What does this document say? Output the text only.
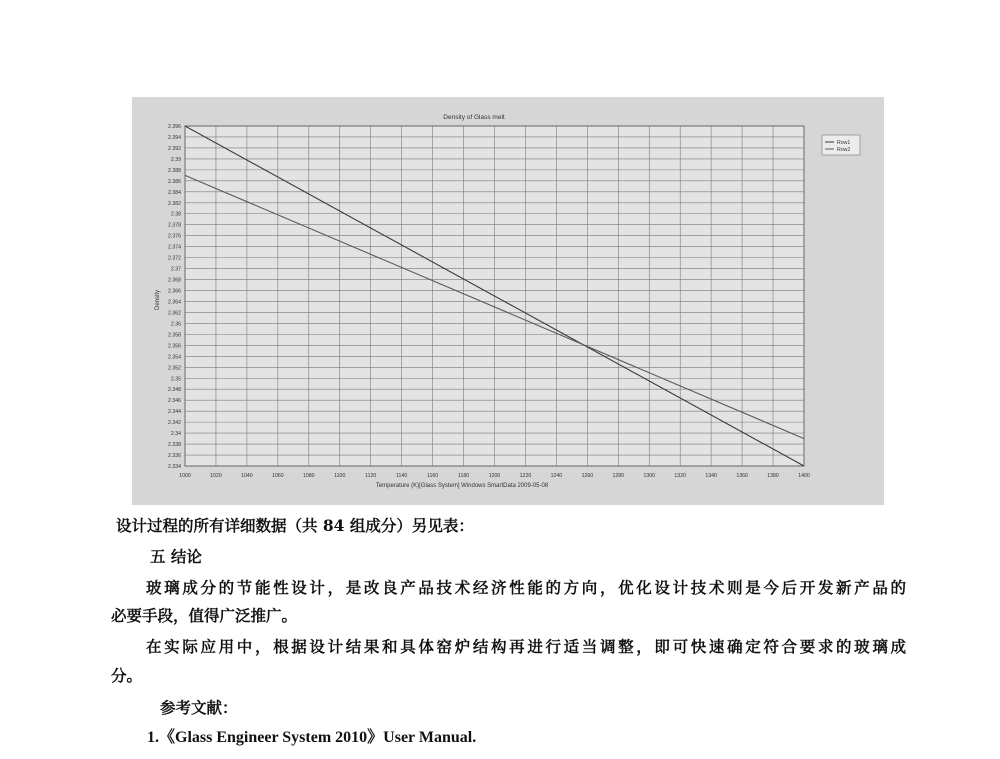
2.396
2.394
2.392
2.39
2.388
2.386
2.384
2.382
2.38
2.378
2.376
2.374
2.372
2.37
2.368
2.366
2.364
2.362
2.36
2.358
2.356
2.354
2.352
2.35
2.348
2.346
2.344
2.342
2.34
2.338
2.336
2.334
1000	1020	1040	1060	1080	1100	1120	1140	1160	1180	1200	1220	1240	1260	1280	1300	1320	1340	1360	1380	1400
Density of Glass melt
Temperature (K)[Glass System] Windows SmartData 2009-05-08
Density
Row1
Row2

设计过程的所有详细数据（共 84 组成分）另见表：

五 结论

玻璃成分的节能性设计，是改良产品技术经济性能的方向，优化设计技术则是今后开发新产品的

必要手段，值得广泛推广。

在实际应用中，根据设计结果和具体窑炉结构再进行适当调整，即可快速确定符合要求的玻璃成

分。

参考文献：

1.《Glass Engineer System 2010》User Manual.
